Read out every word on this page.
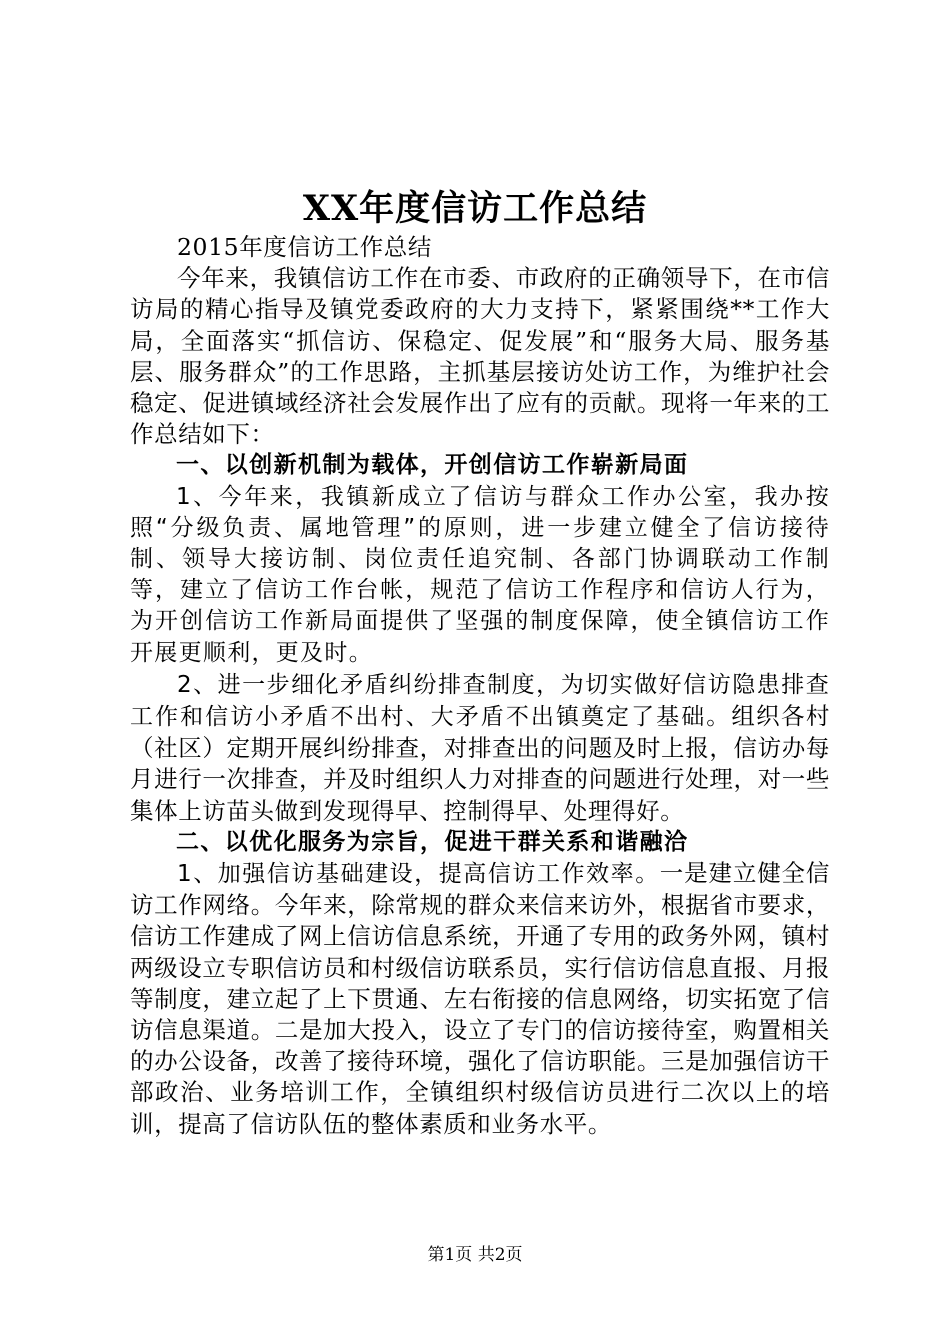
XX年度信访工作总结

2015年度信访工作总结

今年来，我镇信访工作在市委、市政府的正确领导下，在市信访局的精心指导及镇党委政府的大力支持下，紧紧围绕**工作大局，全面落实“抓信访、保稳定、促发展”和“服务大局、服务基层、服务群众”的工作思路，主抓基层接访处访工作，为维护社会稳定、促进镇域经济社会发展作出了应有的贡献。现将一年来的工作总结如下：

一、以创新机制为载体，开创信访工作崭新局面

1、今年来，我镇新成立了信访与群众工作办公室，我办按照“分级负责、属地管理”的原则，进一步建立健全了信访接待制、领导大接访制、岗位责任追究制、各部门协调联动工作制等，建立了信访工作台帐，规范了信访工作程序和信访人行为，为开创信访工作新局面提供了坚强的制度保障，使全镇信访工作开展更顺利，更及时。

2、进一步细化矛盾纠纷排查制度，为切实做好信访隐患排查工作和信访小矛盾不出村、大矛盾不出镇奠定了基础。组织各村（社区）定期开展纠纷排查，对排查出的问题及时上报，信访办每月进行一次排查，并及时组织人力对排查的问题进行处理，对一些集体上访苗头做到发现得早、控制得早、处理得好。

二、以优化服务为宗旨，促进干群关系和谐融洽

1、加强信访基础建设，提高信访工作效率。一是建立健全信访工作网络。今年来，除常规的群众来信来访外，根据省市要求，信访工作建成了网上信访信息系统，开通了专用的政务外网，镇村两级设立专职信访员和村级信访联系员，实行信访信息直报、月报等制度，建立起了上下贯通、左右衔接的信息网络，切实拓宽了信访信息渠道。二是加大投入，设立了专门的信访接待室，购置相关的办公设备，改善了接待环境，强化了信访职能。三是加强信访干部政治、业务培训工作，全镇组织村级信访员进行二次以上的培训，提高了信访队伍的整体素质和业务水平。

第1页 共2页
